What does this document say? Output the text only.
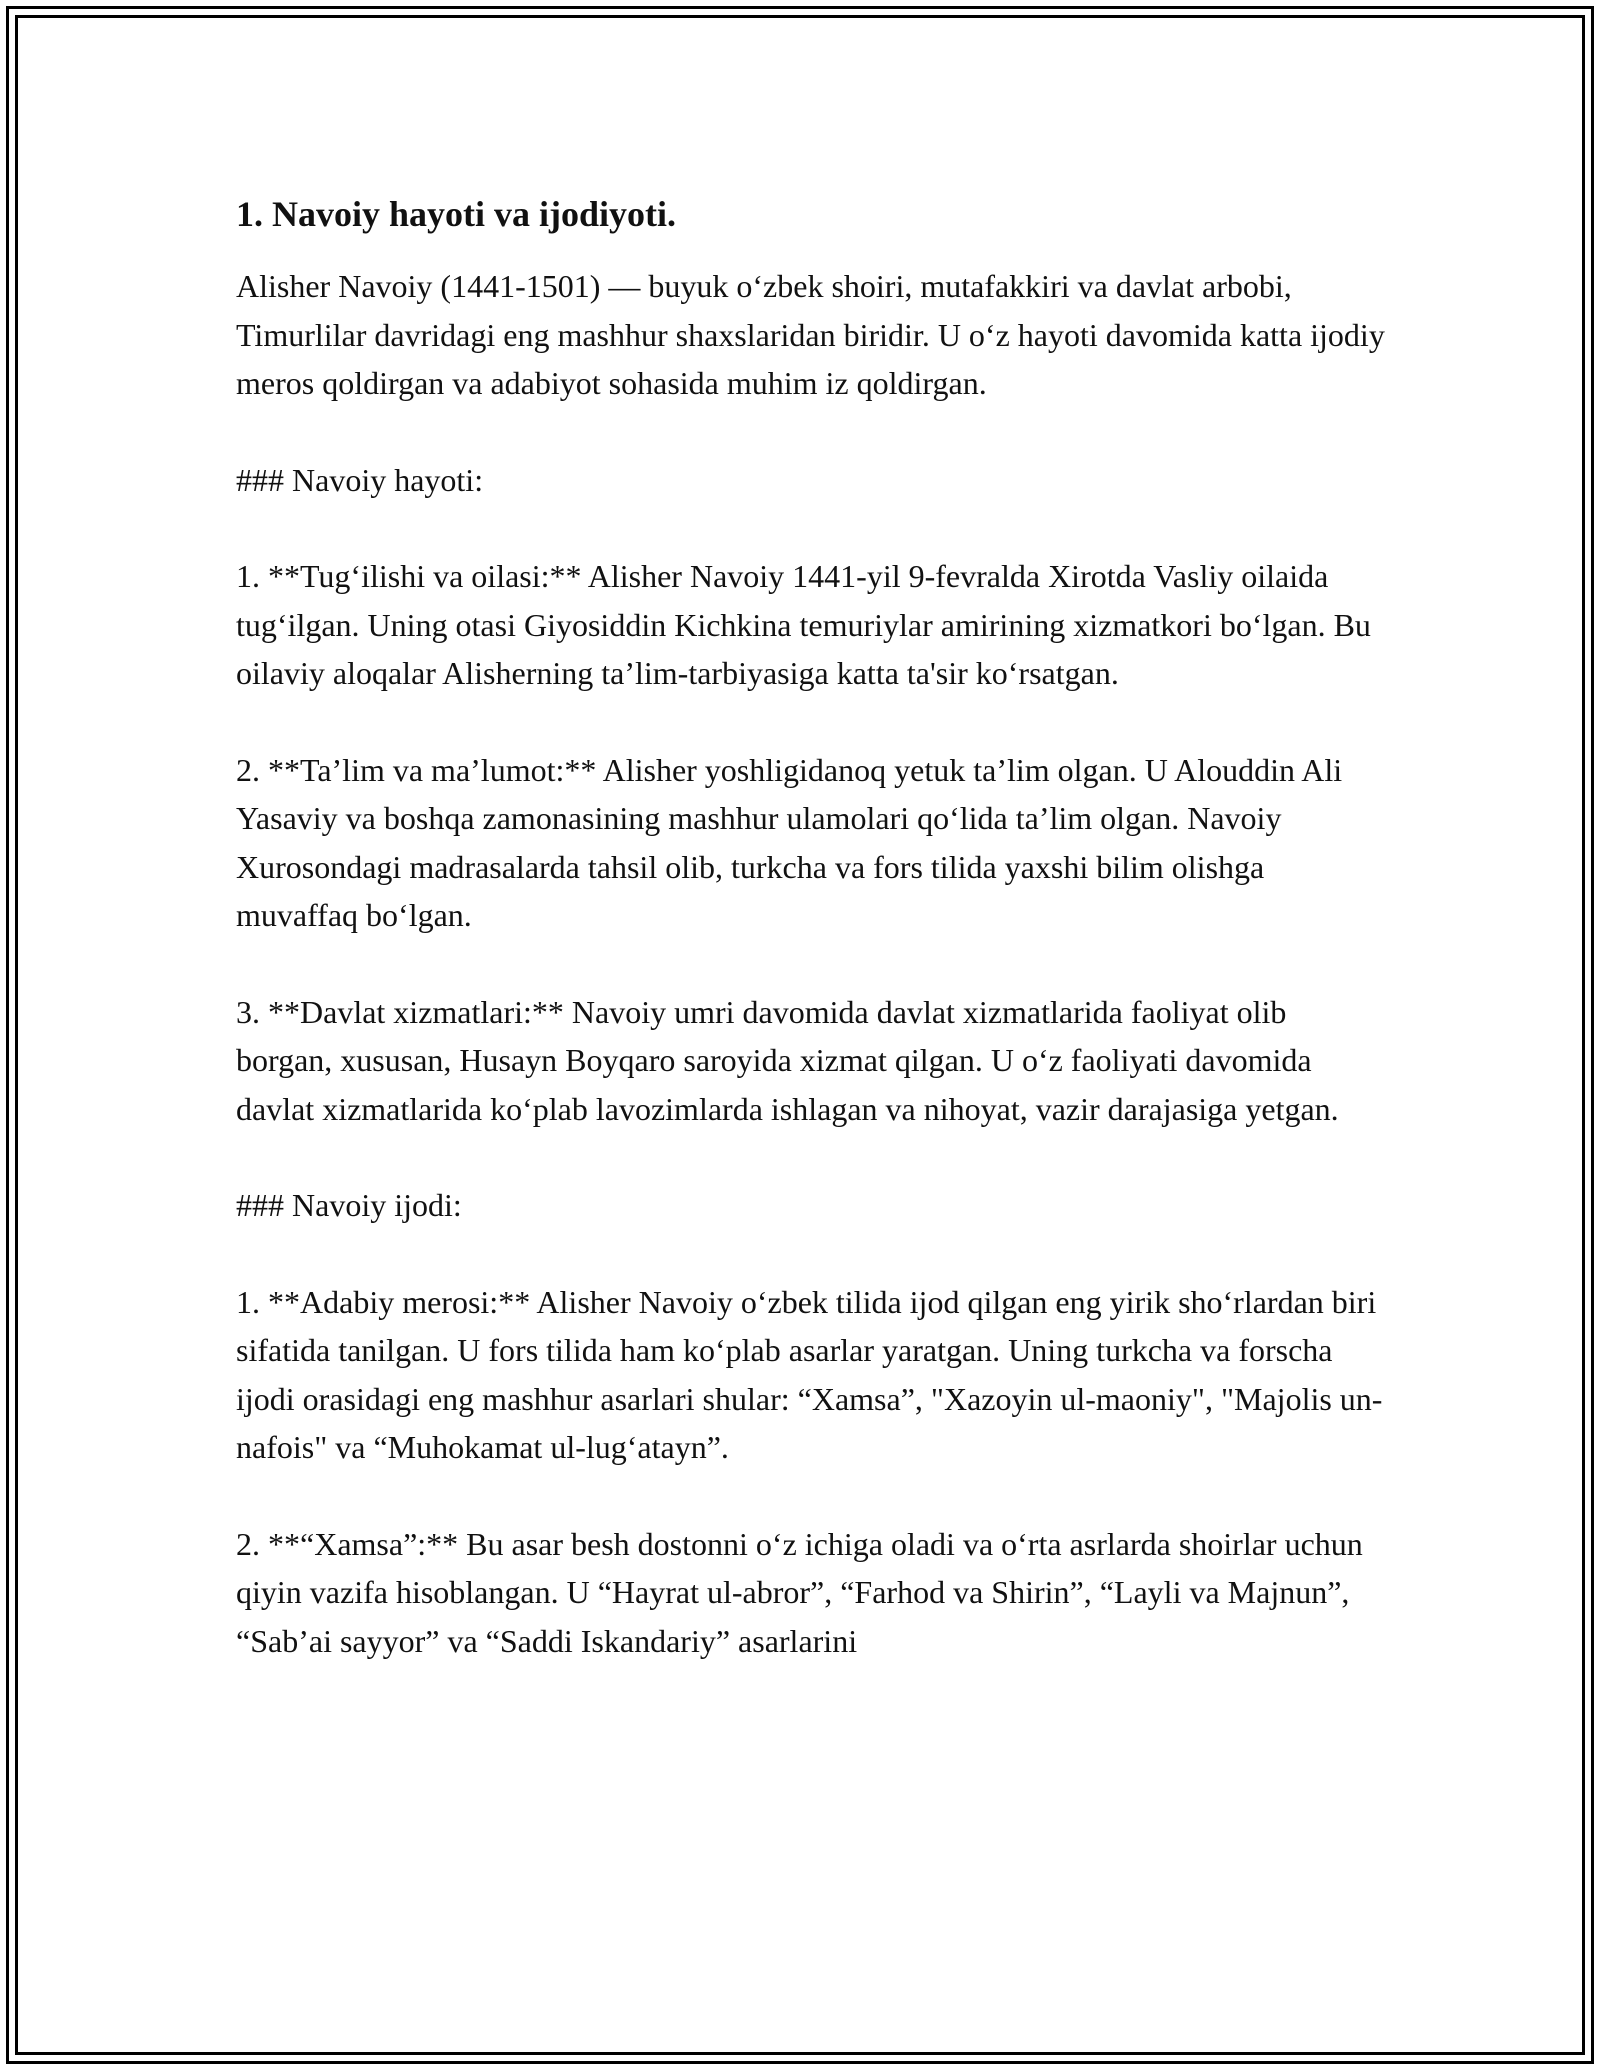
1. Navoiy hayoti va ijodiyoti.

Alisher Navoiy (1441-1501) — buyuk o‘zbek shoiri, mutafakkiri va davlat arbobi, Timurlilar davridagi eng mashhur shaxslaridan biridir. U o‘z hayoti davomida katta ijodiy meros qoldirgan va adabiyot sohasida muhim iz qoldirgan.

### Navoiy hayoti:

1. **Tug‘ilishi va oilasi:** Alisher Navoiy 1441-yil 9-fevralda Xirotda Vasliy oilaida tug‘ilgan. Uning otasi Giyosiddin Kichkina temuriylar amirining xizmatkori bo‘lgan. Bu oilaviy aloqalar Alisherning ta’lim-tarbiyasiga katta ta'sir ko‘rsatgan.

2. **Ta’lim va ma’lumot:** Alisher yoshligidanoq yetuk ta’lim olgan. U Alouddin Ali Yasaviy va boshqa zamonasining mashhur ulamolari qo‘lida ta’lim olgan. Navoiy Xurosondagi madrasalarda tahsil olib, turkcha va fors tilida yaxshi bilim olishga muvaffaq bo‘lgan.

3. **Davlat xizmatlari:** Navoiy umri davomida davlat xizmatlarida faoliyat olib borgan, xususan, Husayn Boyqaro saroyida xizmat qilgan. U o‘z faoliyati davomida davlat xizmatlarida ko‘plab lavozimlarda ishlagan va nihoyat, vazir darajasiga yetgan.

### Navoiy ijodi:

1. **Adabiy merosi:** Alisher Navoiy o‘zbek tilida ijod qilgan eng yirik sho‘rlardan biri sifatida tanilgan. U fors tilida ham ko‘plab asarlar yaratgan. Uning turkcha va forscha ijodi orasidagi eng mashhur asarlari shular: “Xamsa”, "Xazoyin ul-maoniy", "Majolis un-nafois" va “Muhokamat ul-lug‘atayn”.

2. **“Xamsa”:** Bu asar besh dostonni o‘z ichiga oladi va o‘rta asrlarda shoirlar uchun qiyin vazifa hisoblangan. U “Hayrat ul-abror”, “Farhod va Shirin”, “Layli va Majnun”, “Sab’ai sayyor” va “Saddi Iskandariy” asarlarini
